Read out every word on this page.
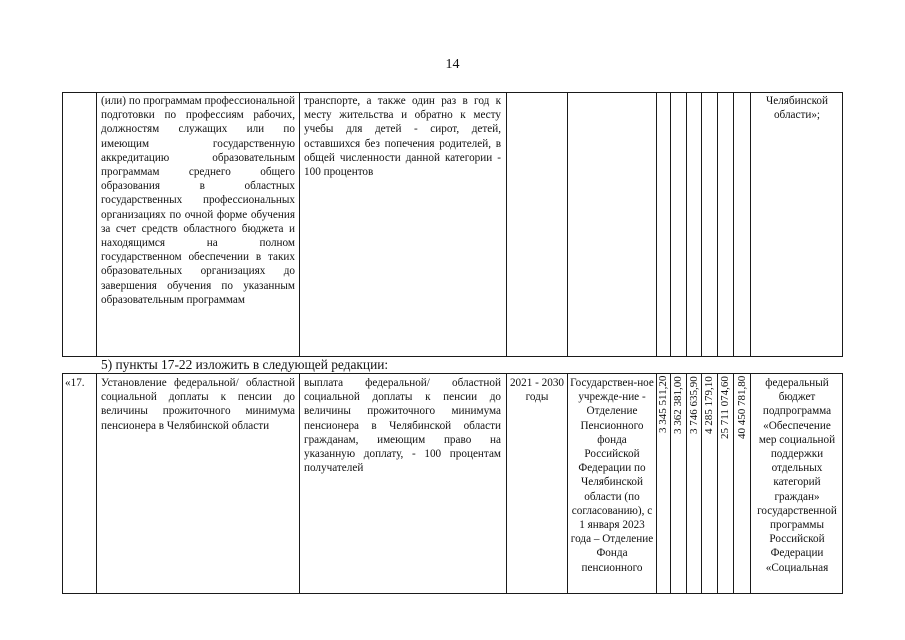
14
(или) по программам профессиональной подготовки по профессиям рабочих, должностям служащих или по имеющим государственную аккредитацию образовательным программам среднего общего образования в областных государственных профессиональных организациях по очной форме обучения за счет средств областного бюджета и находящимся на полном государственном обеспечении в таких образовательных организациях до завершения обучения по указанным образовательным программам
транспорте, а также один раз в год к месту жительства и обратно к месту учебы для детей - сирот, детей, оставшихся без попечения родителей, в общей численности данной категории - 100 процентов
Челябинской области»;
5) пункты 17-22 изложить в следующей редакции:
«17.	Установление федеральной/ областной социальной доплаты к пенсии до величины прожиточного минимума пенсионера в Челябинской области
выплата федеральной/ областной социальной доплаты к пенсии до величины прожиточного минимума пенсионера в Челябинской области гражданам, имеющим право на указанную доплату, - 100 процентам получателей
2021 - 2030 годы
Государствен-ное учрежде-ние - Отделение Пенсионного фонда Российской Федерации по Челябинской области (по согласованию), с 1 января 2023 года – Отделение Фонда пенсионного
3 345 511,20 3 362 381,00 3 746 635,90 4 285 179,10 25 711 074,60 40 450 781,80	федеральный бюджет подпрограмма «Обеспечение мер социальной поддержки отдельных категорий граждан» государственной программы Российской Федерации «Социальная
